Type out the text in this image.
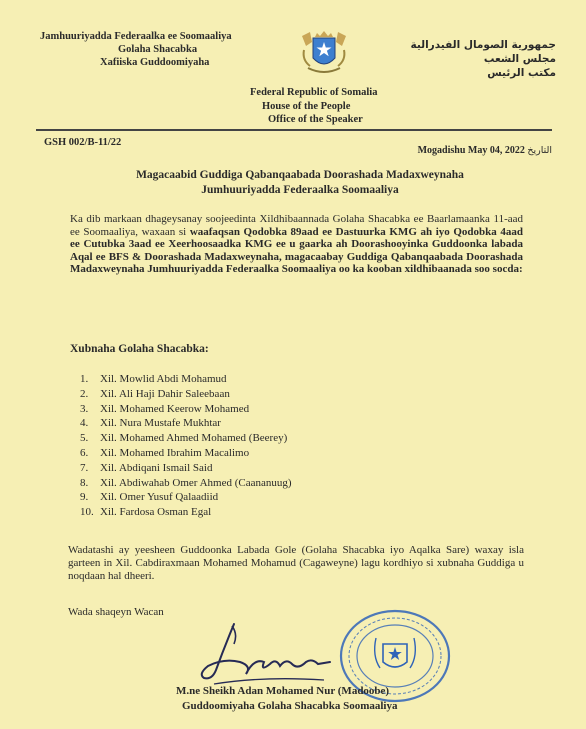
Jamhuuriyadda Federaalka ee Soomaaliya
Golaha Shacabka
Xafiiska Guddoomiyaha
جمهورية الصومال الفيدرالية
مجلس الشعب
مكتب الرئيس
Federal Republic of Somalia
House of the People
Office of the Speaker
GSH 002/B-11/22
Mogadishu May 04, 2022 التاريخ
Magacaabid Guddiga Qabanqaabada Doorashada Madaxweynaha
Jumhuuriyadda Federaalka Soomaaliya
Ka dib markaan dhageysanay soojeedinta Xildhibaannada Golaha Shacabka ee Baarlamaanka 11-aad ee Soomaaliya, waxaan si waafaqsan Qodobka 89aad ee Dastuurka KMG ah iyo Qodobka 4aad ee Cutubka 3aad ee Xeerhoosaadka KMG ee u gaarka ah Doorashooyinka Guddoonka labada Aqal ee BFS & Doorashada Madaxweynaha, magacaabay Guddiga Qabanqaabada Doorashada Madaxweynaha Jumhuuriyadda Federaalka Soomaaliya oo ka kooban xildhibaanada soo socda:
Xubnaha Golaha Shacabka:
1. Xil. Mowlid Abdi Mohamud
2. Xil. Ali Haji Dahir Saleebaan
3. Xil. Mohamed Keerow Mohamed
4. Xil. Nura Mustafe Mukhtar
5. Xil. Mohamed Ahmed Mohamed (Beerey)
6. Xil. Mohamed Ibrahim Macalimo
7. Xil. Abdiqani Ismail Said
8. Xil. Abdiwahab Omer Ahmed (Caananuug)
9. Xil. Omer Yusuf Qalaadiid
10. Xil. Fardosa Osman Egal
Wadatashi ay yeesheen Guddoonka Labada Gole (Golaha Shacabka iyo Aqalka Sare) waxay isla garteen in Xil. Cabdiraxmaan Mohamed Mohamud (Cagaweyne) lagu kordhiyo si xubnaha Guddiga u noqdaan hal dheeri.
Wada shaqeyn Wacan
M.ne Sheikh Adan Mohamed Nur (Madoobe)
Guddoomiyaha Golaha Shacabka Soomaaliya
